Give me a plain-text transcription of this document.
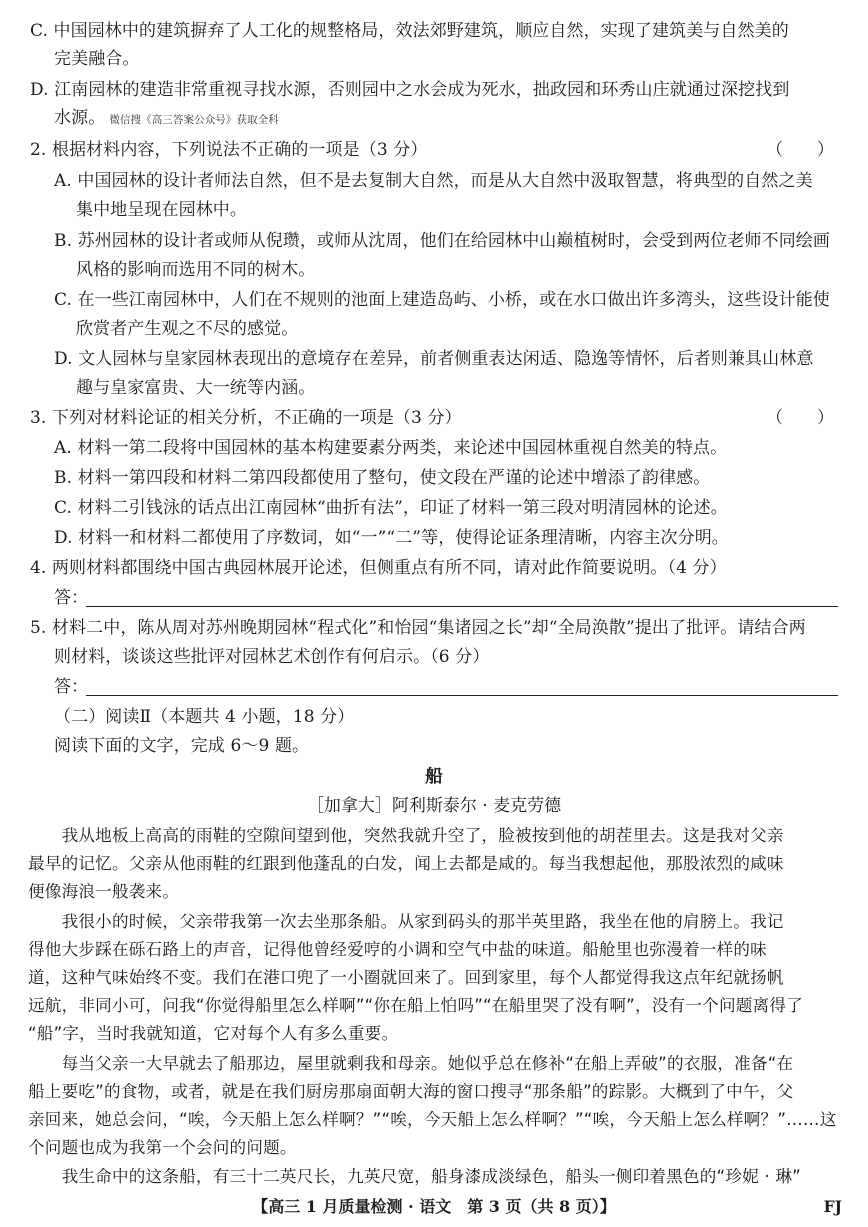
C. 中国园林中的建筑摒弃了人工化的规整格局，效法郊野建筑，顺应自然，实现了建筑美与自然美的
完美融合。
D. 江南园林的建造非常重视寻找水源，否则园中之水会成为死水，拙政园和环秀山庄就通过深挖找到
水源。 微信搜《高三答案公众号》获取全科
2. 根据材料内容，下列说法不正确的一项是（3 分）	（　　）
A. 中国园林的设计者师法自然，但不是去复制大自然，而是从大自然中汲取智慧，将典型的自然之美
集中地呈现在园林中。
B. 苏州园林的设计者或师从倪瓒，或师从沈周，他们在给园林中山巅植树时，会受到两位老师不同绘画
风格的影响而选用不同的树木。
C. 在一些江南园林中，人们在不规则的池面上建造岛屿、小桥，或在水口做出许多湾头，这些设计能使
欣赏者产生观之不尽的感觉。
D. 文人园林与皇家园林表现出的意境存在差异，前者侧重表达闲适、隐逸等情怀，后者则兼具山林意
趣与皇家富贵、大一统等内涵。
3. 下列对材料论证的相关分析，不正确的一项是（3 分）	（　　）
A. 材料一第二段将中国园林的基本构建要素分两类，来论述中国园林重视自然美的特点。
B. 材料一第四段和材料二第四段都使用了整句，使文段在严谨的论述中增添了韵律感。
C. 材料二引钱泳的话点出江南园林“曲折有法”，印证了材料一第三段对明清园林的论述。
D. 材料一和材料二都使用了序数词，如“一”“二”等，使得论证条理清晰，内容主次分明。
4. 两则材料都围绕中国古典园林展开论述，但侧重点有所不同，请对此作简要说明。（4 分）
答：
5. 材料二中，陈从周对苏州晚期园林“程式化”和怡园“集诸园之长”却“全局涣散”提出了批评。请结合两
则材料，谈谈这些批评对园林艺术创作有何启示。（6 分）
答：
（二）阅读Ⅱ（本题共 4 小题，18 分）
阅读下面的文字，完成 6～9 题。
船
［加拿大］阿利斯泰尔 · 麦克劳德
　　我从地板上高高的雨鞋的空隙间望到他，突然我就升空了，脸被按到他的胡茬里去。这是我对父亲
最早的记忆。父亲从他雨鞋的红跟到他蓬乱的白发，闻上去都是咸的。每当我想起他，那股浓烈的咸味
便像海浪一般袭来。
　　我很小的时候，父亲带我第一次去坐那条船。从家到码头的那半英里路，我坐在他的肩膀上。我记
得他大步踩在砾石路上的声音，记得他曾经爱哼的小调和空气中盐的味道。船舱里也弥漫着一样的味
道，这种气味始终不变。我们在港口兜了一小圈就回来了。回到家里，每个人都觉得我这点年纪就扬帆
远航，非同小可，问我“你觉得船里怎么样啊”“你在船上怕吗”“在船里哭了没有啊”，没有一个问题离得了
“船”字，当时我就知道，它对每个人有多么重要。
　　每当父亲一大早就去了船那边，屋里就剩我和母亲。她似乎总在修补“在船上弄破”的衣服，准备“在
船上要吃”的食物，或者，就是在我们厨房那扇面朝大海的窗口搜寻“那条船”的踪影。大概到了中午，父
亲回来，她总会问，“唉，今天船上怎么样啊？”“唉，今天船上怎么样啊？”“唉，今天船上怎么样啊？”……这
个问题也成为我第一个会问的问题。
　　我生命中的这条船，有三十二英尺长，九英尺宽，船身漆成淡绿色，船头一侧印着黑色的“珍妮 · 琳”
【高三 1 月质量检测 · 语文　第 3 页（共 8 页）】	FJ
